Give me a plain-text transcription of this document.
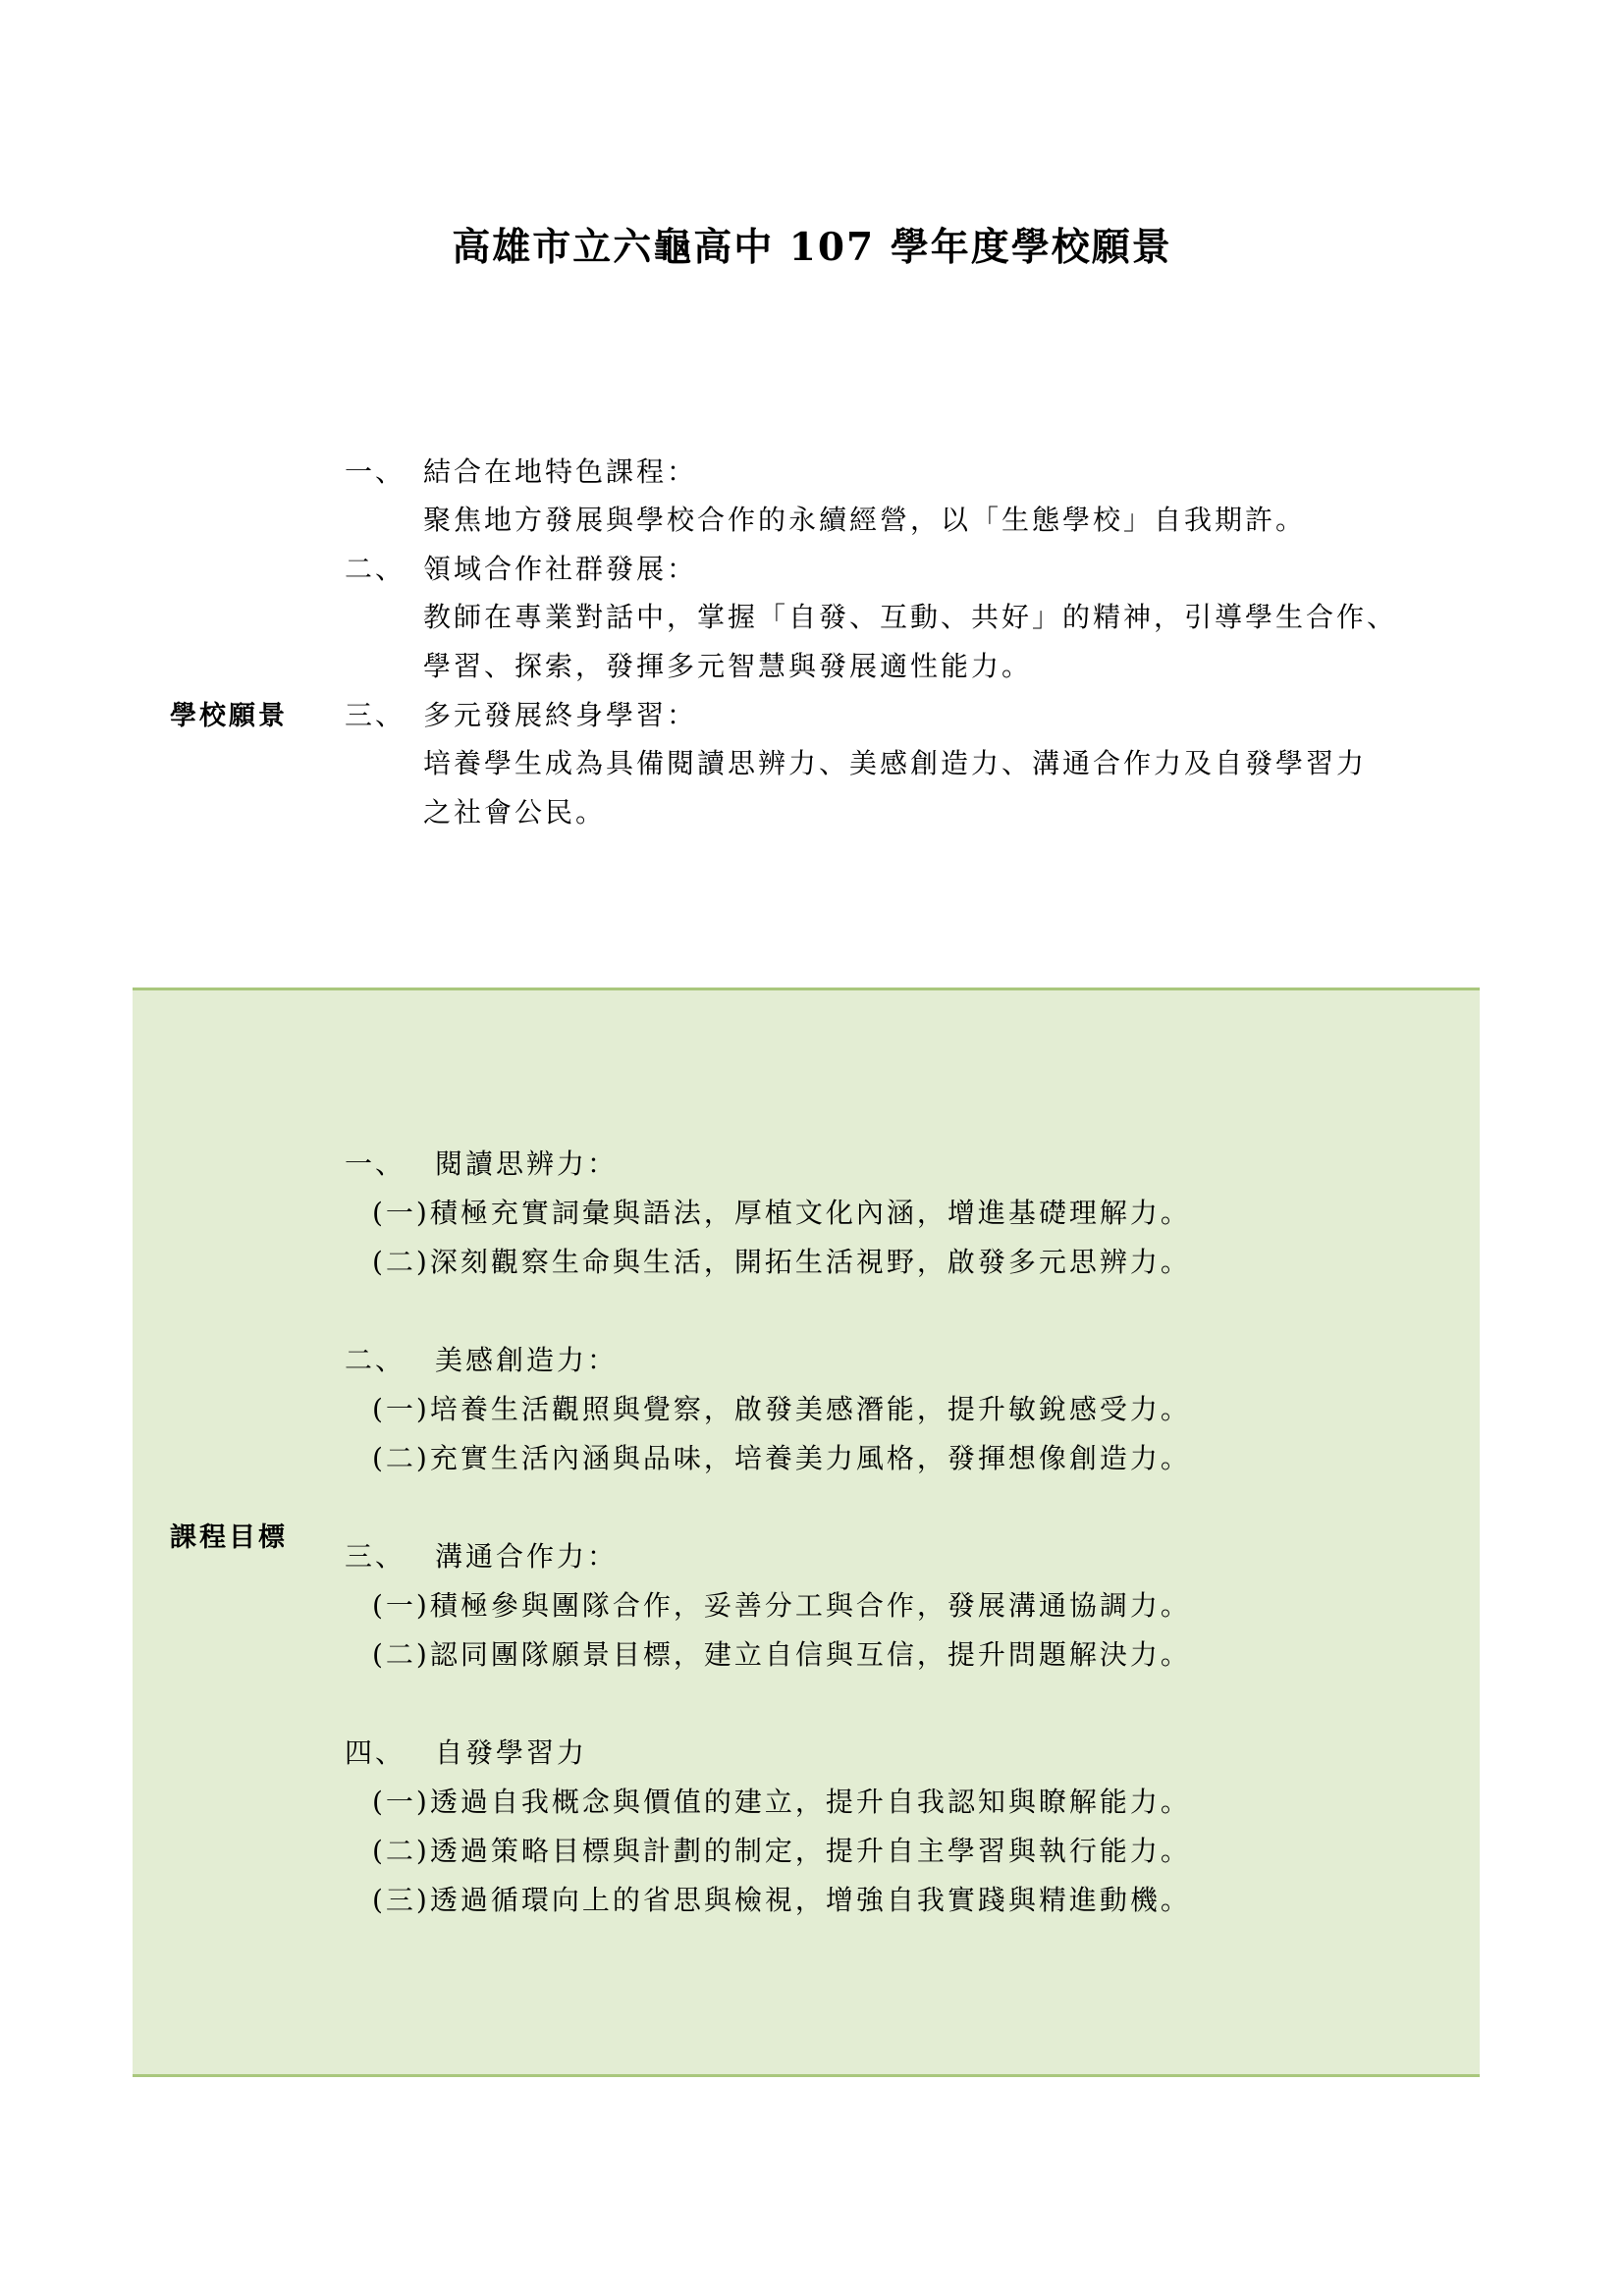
高雄市立六龜高中 107 學年度學校願景

學校願景

一、 結合在地特色課程：
聚焦地方發展與學校合作的永續經營，以「生態學校」自我期許。
二、 領域合作社群發展：
教師在專業對話中，掌握「自發、互動、共好」的精神，引導學生合作、
學習、探索，發揮多元智慧與發展適性能力。
三、 多元發展終身學習：
培養學生成為具備閱讀思辨力、美感創造力、溝通合作力及自發學習力
之社會公民。

課程目標

一、	閱讀思辨力：

(一)積極充實詞彙與語法，厚植文化內涵，增進基礎理解力。

(二)深刻觀察生命與生活，開拓生活視野，啟發多元思辨力。

二、	美感創造力：

(一)培養生活觀照與覺察，啟發美感潛能，提升敏銳感受力。

(二)充實生活內涵與品味，培養美力風格，發揮想像創造力。

三、	溝通合作力：

(一)積極參與團隊合作，妥善分工與合作，發展溝通協調力。

(二)認同團隊願景目標，建立自信與互信，提升問題解決力。

四、	自發學習力

(一)透過自我概念與價值的建立，提升自我認知與瞭解能力。

(二)透過策略目標與計劃的制定，提升自主學習與執行能力。

(三)透過循環向上的省思與檢視，增強自我實踐與精進動機。
